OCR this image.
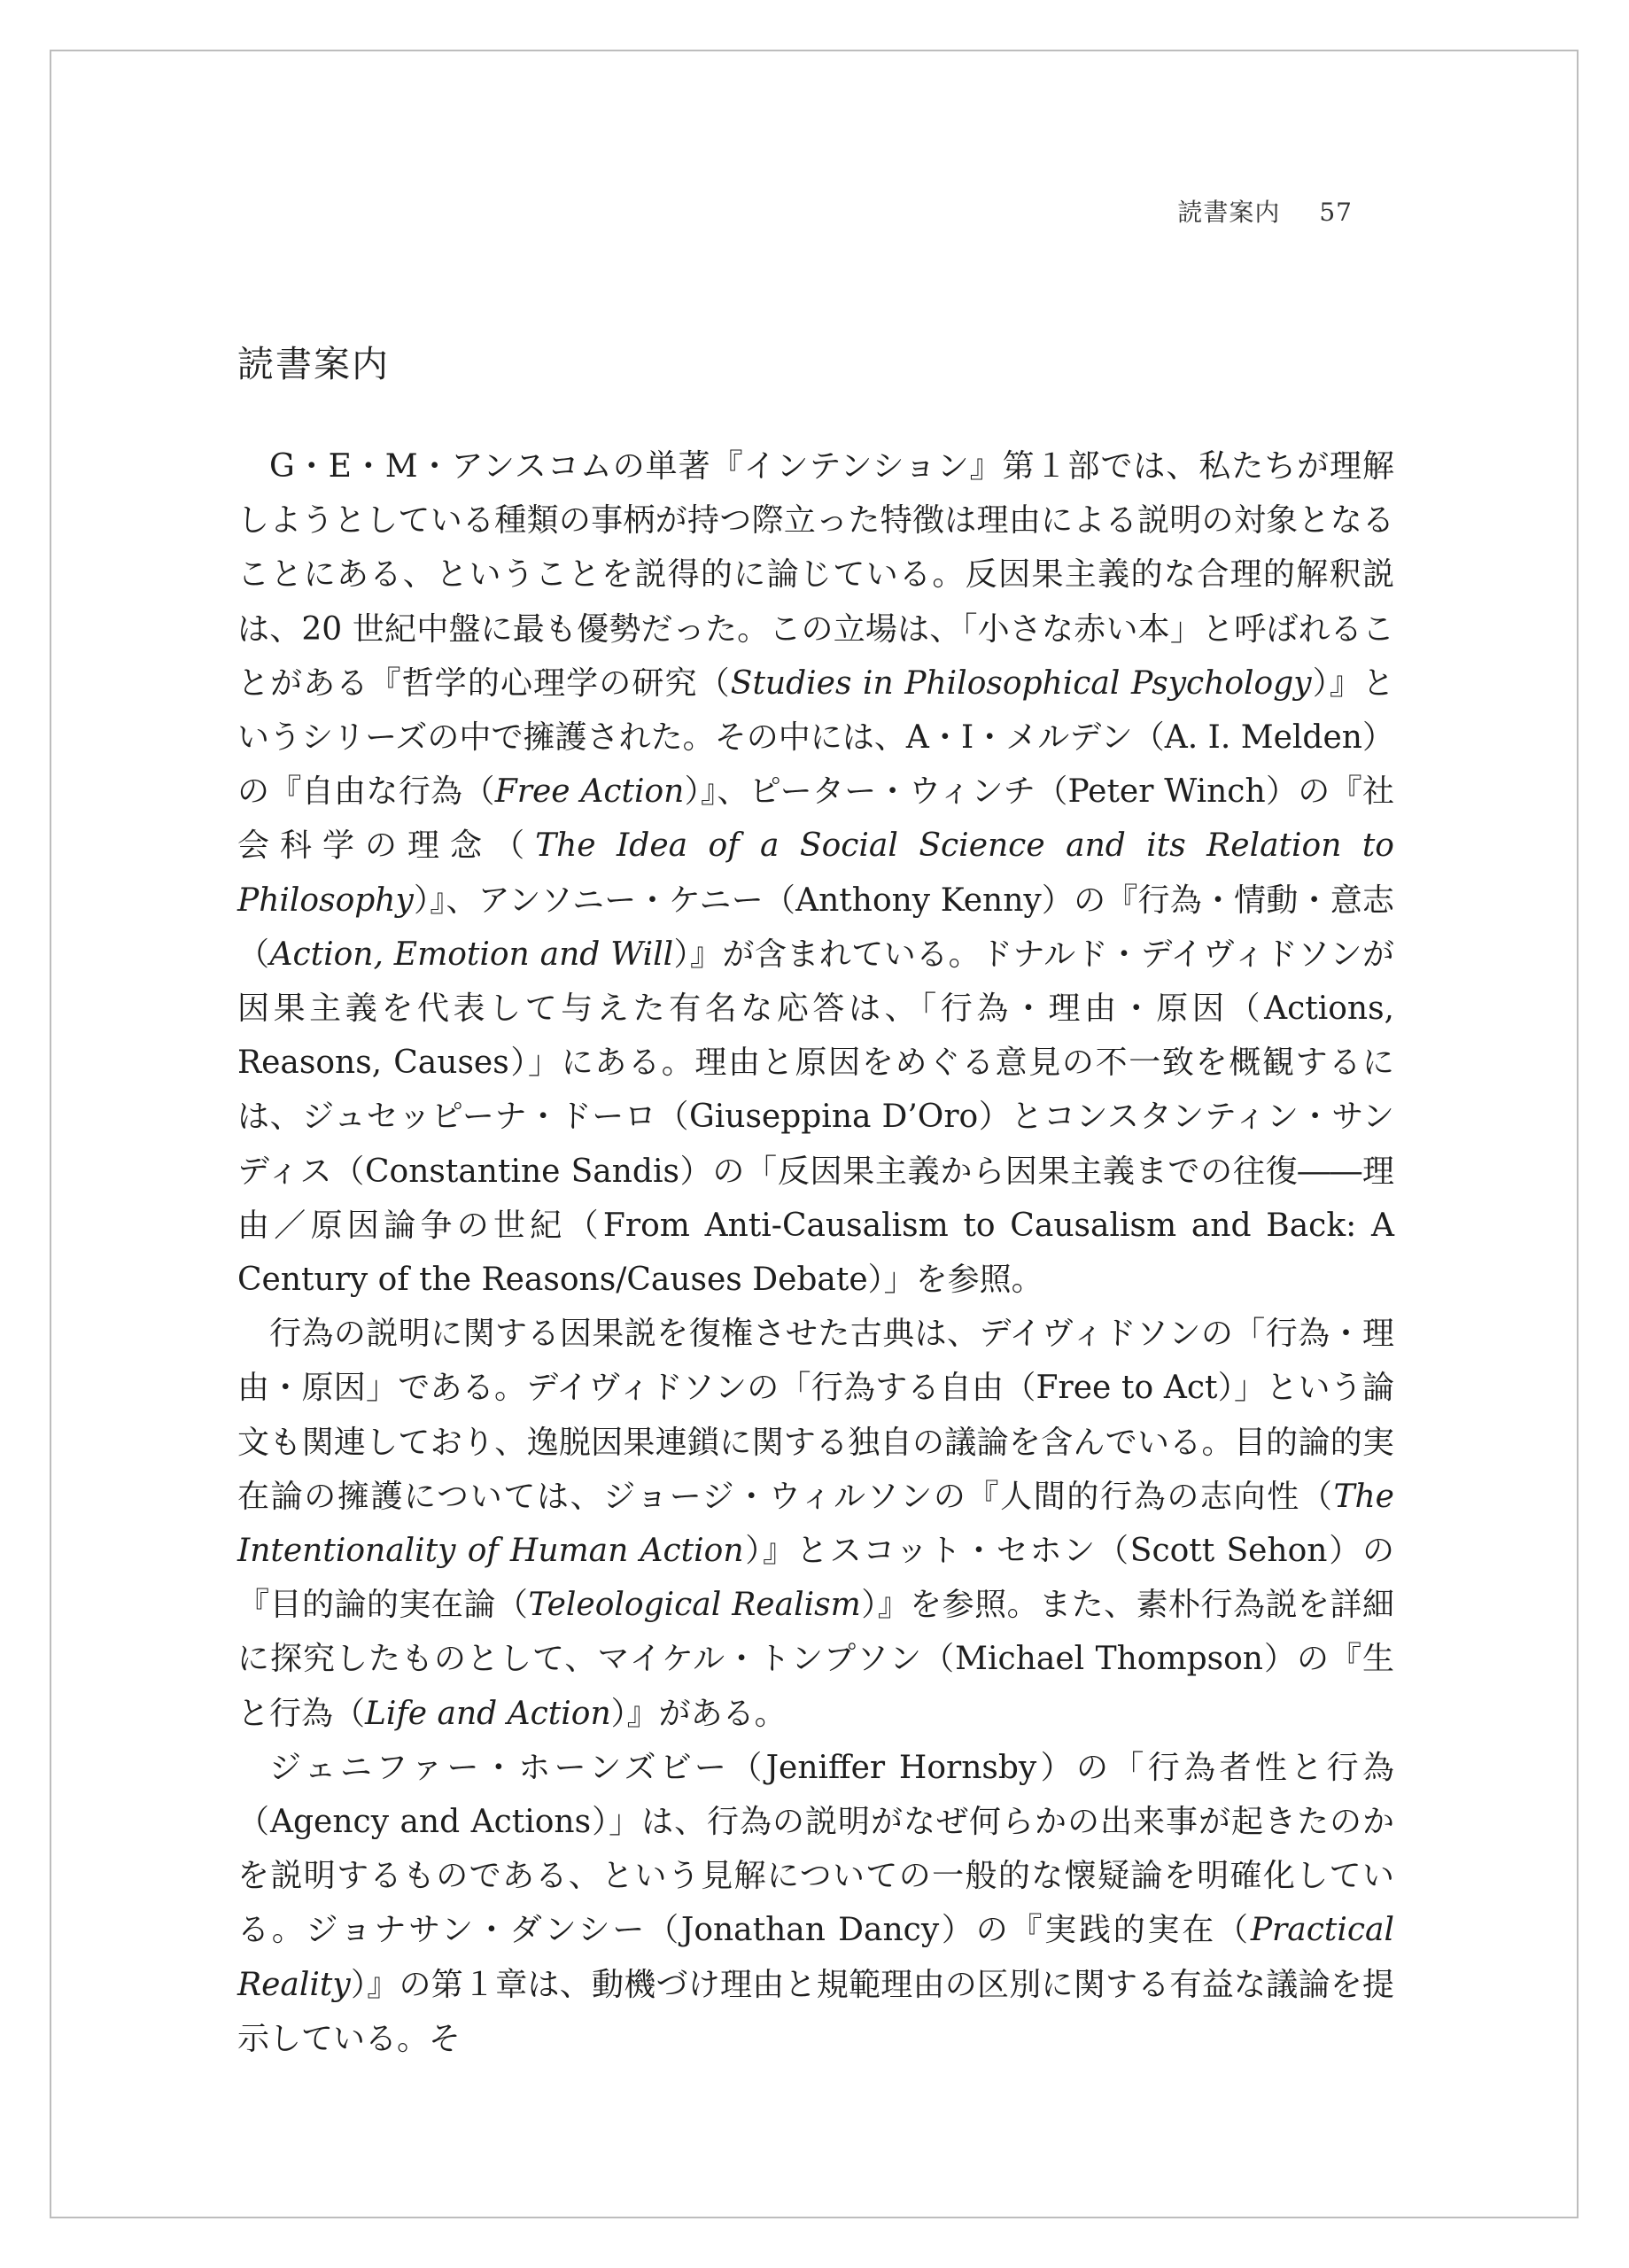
読書案内 57
読書案内

G・E・M・アンスコムの単著『インテンション』第１部では、私たちが理解しようとしている種類の事柄が持つ際立った特徴は理由による説明の対象となることにある、ということを説得的に論じている。反因果主義的な合理的解釈説は、20 世紀中盤に最も優勢だった。この立場は、「小さな赤い本」と呼ばれることがある『哲学的心理学の研究（Studies in Philosophical Psychology）』というシリーズの中で擁護された。その中には、A・I・メルデン（A. I. Melden）の『自由な行為（Free Action）』、ピーター・ウィンチ（Peter Winch）の『社会科学の理念（The Idea of a Social Science and its Relation to Philosophy）』、アンソニー・ケニー（Anthony Kenny）の『行為・情動・意志（Action, Emotion and Will）』が含まれている。ドナルド・デイヴィドソンが因果主義を代表して与えた有名な応答は、「行為・理由・原因（Actions, Reasons, Causes）」にある。理由と原因をめぐる意見の不一致を概観するには、ジュセッピーナ・ドーロ（Giuseppina D’Oro）とコンスタンティン・サンディス（Constantine Sandis）の「反因果主義から因果主義までの往復――理由／原因論争の世紀（From Anti-Causalism to Causalism and Back: A Century of the Reasons/Causes Debate）」を参照。

行為の説明に関する因果説を復権させた古典は、デイヴィドソンの「行為・理由・原因」である。デイヴィドソンの「行為する自由（Free to Act）」という論文も関連しており、逸脱因果連鎖に関する独自の議論を含んでいる。目的論的実在論の擁護については、ジョージ・ウィルソンの『人間的行為の志向性（The Intentionality of Human Action）』とスコット・セホン（Scott Sehon）の『目的論的実在論（Teleological Realism）』を参照。また、素朴行為説を詳細に探究したものとして、マイケル・トンプソン（Michael Thompson）の『生と行為（Life and Action）』がある。

ジェニファー・ホーンズビー（Jeniffer Hornsby）の「行為者性と行為（Agency and Actions）」は、行為の説明がなぜ何らかの出来事が起きたのかを説明するものである、という見解についての一般的な懐疑論を明確化している。ジョナサン・ダンシー（Jonathan Dancy）の『実践的実在（Practical Reality）』の第１章は、動機づけ理由と規範理由の区別に関する有益な議論を提示している。そ
